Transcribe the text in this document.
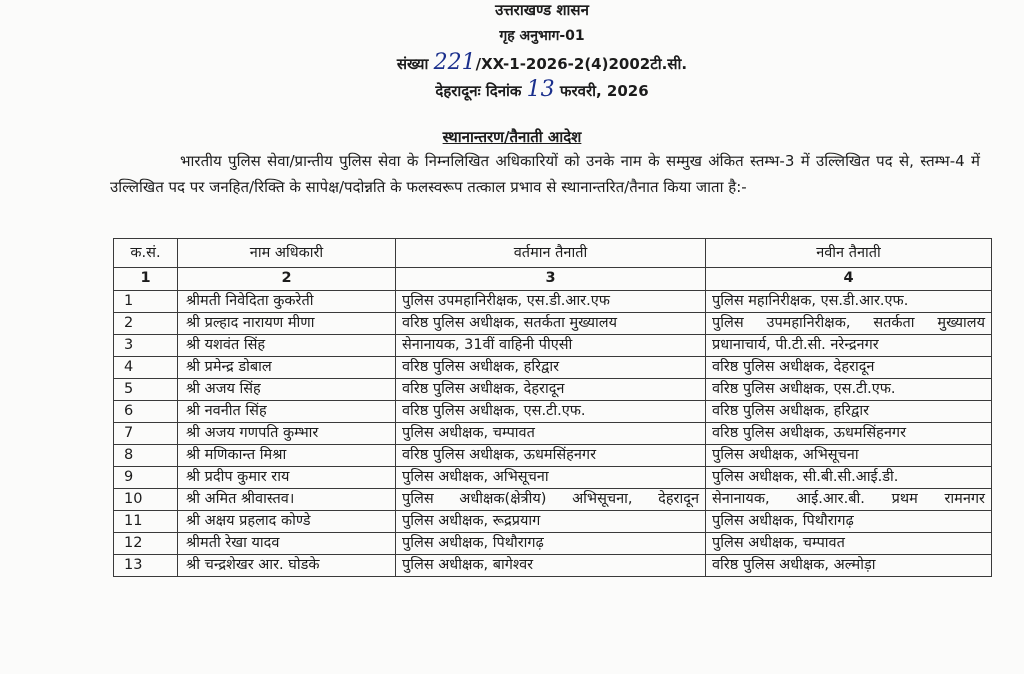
उत्तराखण्ड शासन
गृह अनुभाग-01
संख्या 221/XX-1-2026-2(4)2002टी.सी.
देहरादूनः दिनांक 13 फरवरी, 2026
स्थानान्तरण/तैनाती आदेश
भारतीय पुलिस सेवा/प्रान्तीय पुलिस सेवा के निम्नलिखित अधिकारियों को उनके नाम के सम्मुख अंकित स्तम्भ-3 में उल्लिखित पद से, स्तम्भ-4 में उल्लिखित पद पर जनहित/रिक्ति के सापेक्ष/पदोन्नति के फलस्वरूप तत्काल प्रभाव से स्थानान्तरित/तैनात किया जाता है:-
क.सं.	नाम अधिकारी	वर्तमान तैनाती	नवीन तैनाती
1	2	3	4
1	श्रीमती निवेदिता कुकरेती	पुलिस उपमहानिरीक्षक, एस.डी.आर.एफ	पुलिस महानिरीक्षक, एस.डी.आर.एफ.
2	श्री प्रल्हाद नारायण मीणा	वरिष्ठ पुलिस अधीक्षक, सतर्कता मुख्यालय	पुलिस उपमहानिरीक्षक, सतर्कता मुख्यालय
3	श्री यशवंत सिंह	सेनानायक, 31वीं वाहिनी पीएसी	प्रधानाचार्य, पी.टी.सी. नरेन्द्रनगर
4	श्री प्रमेन्द्र डोबाल	वरिष्ठ पुलिस अधीक्षक, हरिद्वार	वरिष्ठ पुलिस अधीक्षक, देहरादून
5	श्री अजय सिंह	वरिष्ठ पुलिस अधीक्षक, देहरादून	वरिष्ठ पुलिस अधीक्षक, एस.टी.एफ.
6	श्री नवनीत सिंह	वरिष्ठ पुलिस अधीक्षक, एस.टी.एफ.	वरिष्ठ पुलिस अधीक्षक, हरिद्वार
7	श्री अजय गणपति कुम्भार	पुलिस अधीक्षक, चम्पावत	वरिष्ठ पुलिस अधीक्षक, ऊधमसिंहनगर
8	श्री मणिकान्त मिश्रा	वरिष्ठ पुलिस अधीक्षक, ऊधमसिंहनगर	पुलिस अधीक्षक, अभिसूचना
9	श्री प्रदीप कुमार राय	पुलिस अधीक्षक, अभिसूचना	पुलिस अधीक्षक, सी.बी.सी.आई.डी.
10	श्री अमित श्रीवास्तव।	पुलिस अधीक्षक(क्षेत्रीय) अभिसूचना, देहरादून	सेनानायक, आई.आर.बी. प्रथम रामनगर
11	श्री अक्षय प्रहलाद कोण्डे	पुलिस अधीक्षक, रूद्रप्रयाग	पुलिस अधीक्षक, पिथौरागढ़
12	श्रीमती रेखा यादव	पुलिस अधीक्षक, पिथौरागढ़	पुलिस अधीक्षक, चम्पावत
13	श्री चन्द्रशेखर आर. घोडके	पुलिस अधीक्षक, बागेश्वर	वरिष्ठ पुलिस अधीक्षक, अल्मोड़ा
